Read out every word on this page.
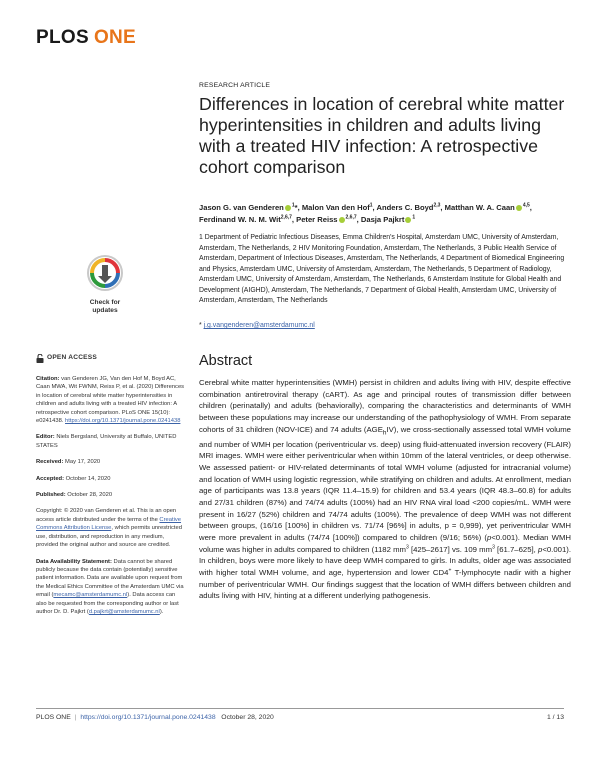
PLOS ONE
Check for
updates
RESEARCH ARTICLE
Differences in location of cerebral white matter hyperintensities in children and adults living with a treated HIV infection: A retrospective cohort comparison
Jason G. van Genderen $^1$*, Malon Van den Hof$^1$, Anders C. Boyd$^{2,3}$, Matthan W. A. Caan $^{4,5}$, Ferdinand W. N. M. Wit$^{2,6,7}$, Peter Reiss $^{2,6,7}$, Dasja Pajkrt $^1$
1 Department of Pediatric Infectious Diseases, Emma Children's Hospital, Amsterdam UMC, University of Amsterdam, Amsterdam, The Netherlands, 2 HIV Monitoring Foundation, Amsterdam, The Netherlands, 3 Public Health Service of Amsterdam, Department of Infectious Diseases, Amsterdam, The Netherlands, 4 Department of Biomedical Engineering and Physics, Amsterdam UMC, University of Amsterdam, Amsterdam, The Netherlands, 5 Department of Radiology, Amsterdam UMC, University of Amsterdam, Amsterdam, The Netherlands, 6 Amsterdam Institute for Global Health and Development (AIGHD), Amsterdam, The Netherlands, 7 Department of Global Health, Amsterdam UMC, University of Amsterdam, Amsterdam, The Netherlands
* j.g.vangenderen@amsterdamumc.nl
OPEN ACCESS
Citation: van Genderen JG, Van den Hof M, Boyd AC, Caan MWA, Wit FWNM, Reiss P, et al. (2020) Differences in location of cerebral white matter hyperintensities in children and adults living with a treated HIV infection: A retrospective cohort comparison. PLoS ONE 15(10): e0241438. https://doi.org/10.1371/journal.pone.0241438
Editor: Niels Bergsland, University at Buffalo, UNITED STATES
Received: May 17, 2020
Accepted: October 14, 2020
Published: October 28, 2020
Copyright: © 2020 van Genderen et al. This is an open access article distributed under the terms of the Creative Commons Attribution License, which permits unrestricted use, distribution, and reproduction in any medium, provided the original author and source are credited.
Data Availability Statement: Data cannot be shared publicly because the data contain (potentially) sensitive patient information. Data are available upon request from the Medical Ethics Committee of the Amsterdam UMC via email (mecamc@amsterdamumc.nl). Data access can also be requested from the corresponding author or last author Dr. D. Pajkrt (d.pajkrt@amsterdamumc.nl).
Abstract

Cerebral white matter hyperintensities (WMH) persist in children and adults living with HIV, despite effective combination antiretroviral therapy (cART). As age and principal routes of transmission differ between children (perinatally) and adults (behaviorally), comparing the characteristics and determinants of WMH between these populations may increase our understanding of the pathophysiology of WMH. From separate cohorts of 31 children (NOV-ICE) and 74 adults $(AGE_hIV)$, we cross-sectionally assessed total WMH volume and number of WMH per location (periventricular vs. deep) using fluid-attenuated inversion recovery (FLAIR) MRI images. WMH were either periventricular when within 10mm of the lateral ventricles, or deep otherwise. We assessed patient- or HIV-related determinants of total WMH volume (adjusted for intracranial volume) and location of WMH using logistic regression, while stratifying on children and adults. At enrollment, median age of participants was 13.8 years (IQR 11.4–15.9) for children and 53.4 years (IQR 48.3–60.8) for adults and 27/31 children (87%) and 74/74 adults (100%) had an HIV RNA viral load <200 copies/mL. WMH were present in 16/27 (52%) children and 74/74 adults (100%). The prevalence of deep WMH was not different between groups, (16/16 [100%] in children vs. 71/74 [96%] in adults, p = 0,999), yet periventricular WMH were more prevalent in adults (74/74 [100%]) compared to children (9/16; 56%) (p<0.001). Median WMH volume was higher in adults compared to children (1182 $mm^3$ [425–2617] vs. 109 $mm^3$ [61.7–625], p<0.001). In children, boys were more likely to have deep WMH compared to girls. In adults, older age was associated with higher total WMH volume, and age, hypertension and lower CD4+ T-lymphocyte nadir with a higher number of periventricular WMH. Our findings suggest that the location of WMH differs between children and adults living with HIV, hinting at a different underlying pathogenesis.

PLOS ONE | https://doi.org/10.1371/journal.pone.0241438 October 28, 2020	1 / 13
